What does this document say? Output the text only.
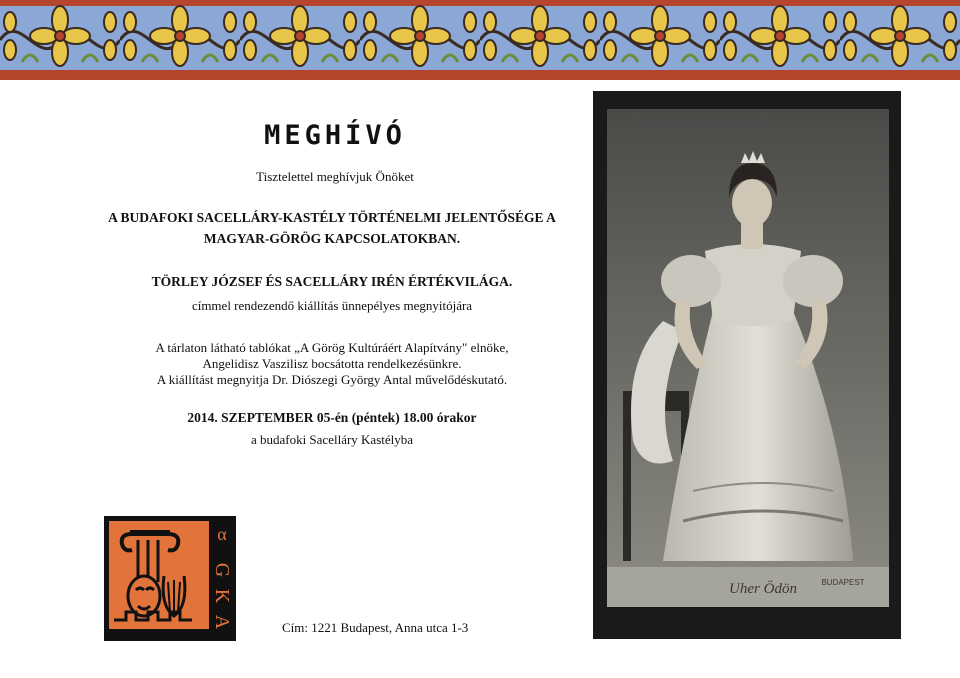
MEGHÍVÓ
Tisztelettel meghívjuk Önöket
A BUDAFOKI SACELLÁRY-KASTÉLY TÖRTÉNELMI JELENTŐSÉGE A
MAGYAR-GÖRÖG KAPCSOLATOKBAN.
TÖRLEY JÓZSEF ÉS SACELLÁRY IRÉN ÉRTÉKVILÁGA.
címmel rendezendő kiállítás ünnepélyes megnyitójára
A tárlaton látható tablókat „A Görög Kultúráért Alapítvány" elnöke,
Angelidisz Vaszilisz bocsátotta rendelkezésünkre.
A kiállítást megnyitja Dr. Diószegi György Antal művelődéskutató.
2014. SZEPTEMBER 05-én (péntek) 18.00 órakor
a budafoki Sacelláry Kastélyba
α
G
K
A	Cím: 1221 Budapest, Anna utca 1-3
Uher Ödön	BUDAPEST
